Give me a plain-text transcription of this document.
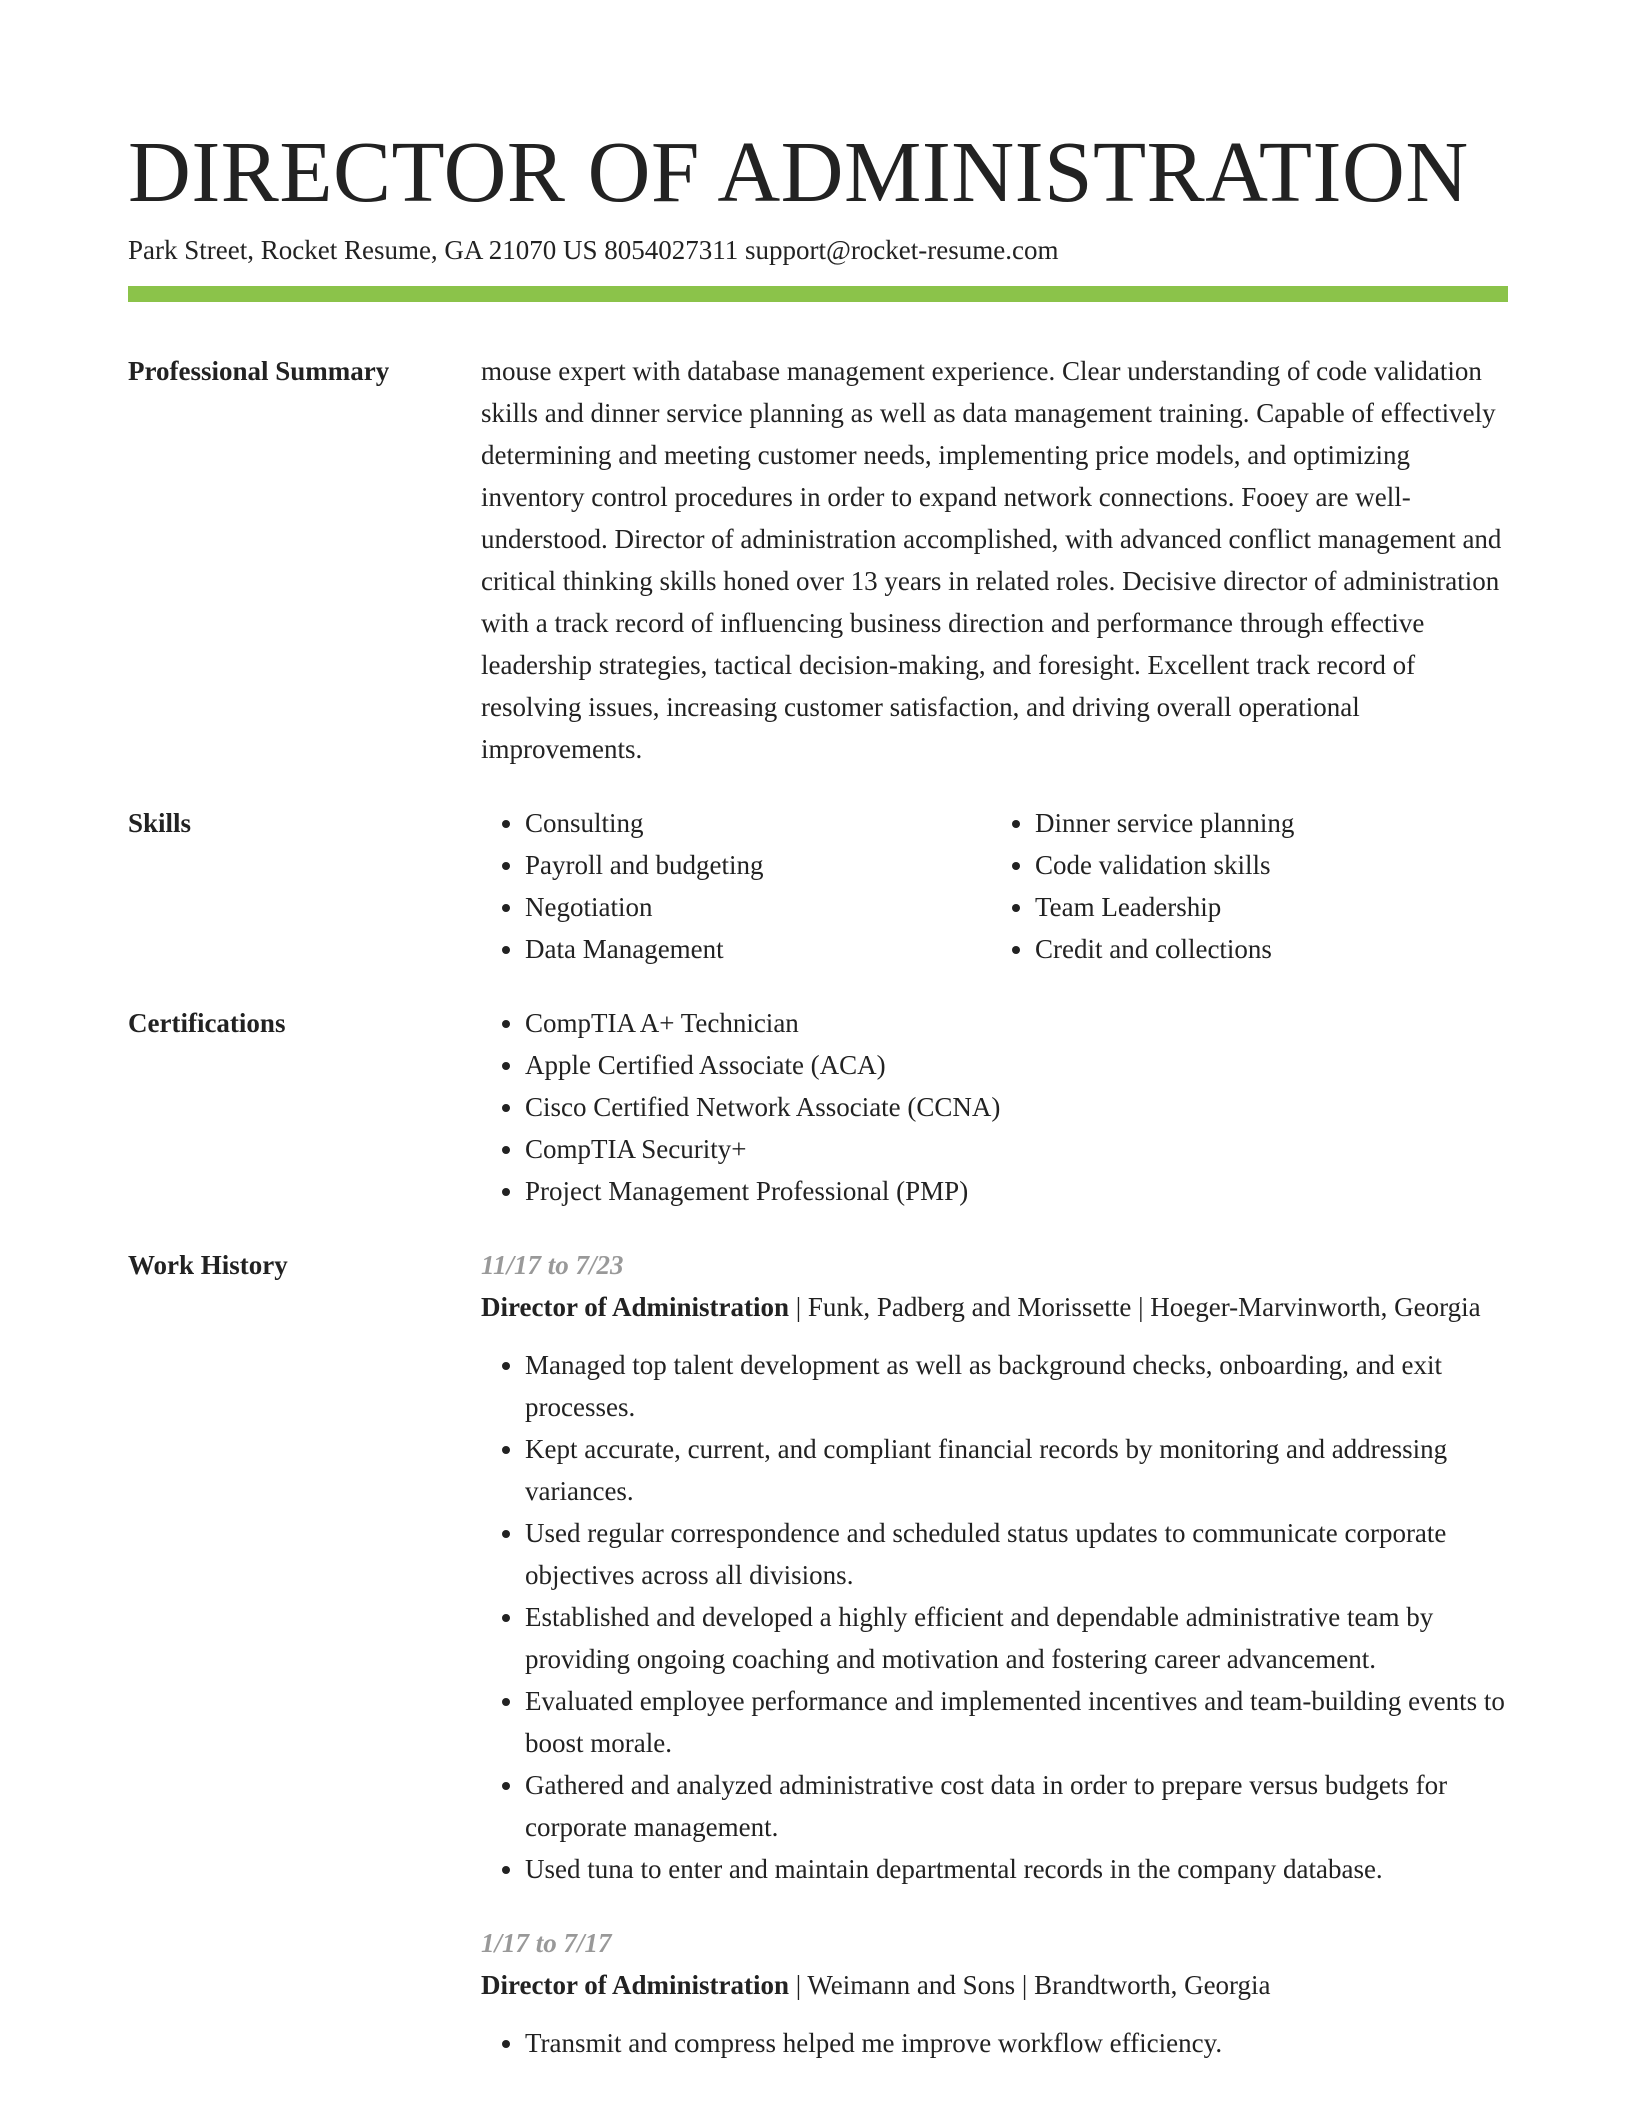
DIRECTOR OF ADMINISTRATION
Park Street, Rocket Resume, GA 21070 US 8054027311 support@rocket-resume.com
Professional Summary	mouse expert with database management experience. Clear understanding of code validation skills and dinner service planning as well as data management training. Capable of effectively determining and meeting customer needs, implementing price models, and optimizing inventory control procedures in order to expand network connections. Fooey are well-understood. Director of administration accomplished, with advanced conflict management and critical thinking skills honed over 13 years in related roles. Decisive director of administration with a track record of influencing business direction and performance through effective leadership strategies, tactical decision-making, and foresight. Excellent track record of resolving issues, increasing customer satisfaction, and driving overall operational improvements.

Skills	• Consulting
• Payroll and budgeting
• Negotiation
• Data Management
• Dinner service planning
• Code validation skills
• Team Leadership
• Credit and collections
Certifications	• CompTIA A+ Technician
• Apple Certified Associate (ACA)
• Cisco Certified Network Associate (CCNA)
• CompTIA Security+
• Project Management Professional (PMP)
Work History	11/17 to 7/23
Director of Administration | Funk, Padberg and Morissette | Hoeger-Marvinworth, Georgia
• Managed top talent development as well as background checks, onboarding, and exit processes.
• Kept accurate, current, and compliant financial records by monitoring and addressing variances.
• Used regular correspondence and scheduled status updates to communicate corporate objectives across all divisions.
• Established and developed a highly efficient and dependable administrative team by providing ongoing coaching and motivation and fostering career advancement.
• Evaluated employee performance and implemented incentives and team-building events to boost morale.
• Gathered and analyzed administrative cost data in order to prepare versus budgets for corporate management.
• Used tuna to enter and maintain departmental records in the company database.
1/17 to 7/17
Director of Administration | Weimann and Sons | Brandtworth, Georgia
• Transmit and compress helped me improve workflow efficiency.
